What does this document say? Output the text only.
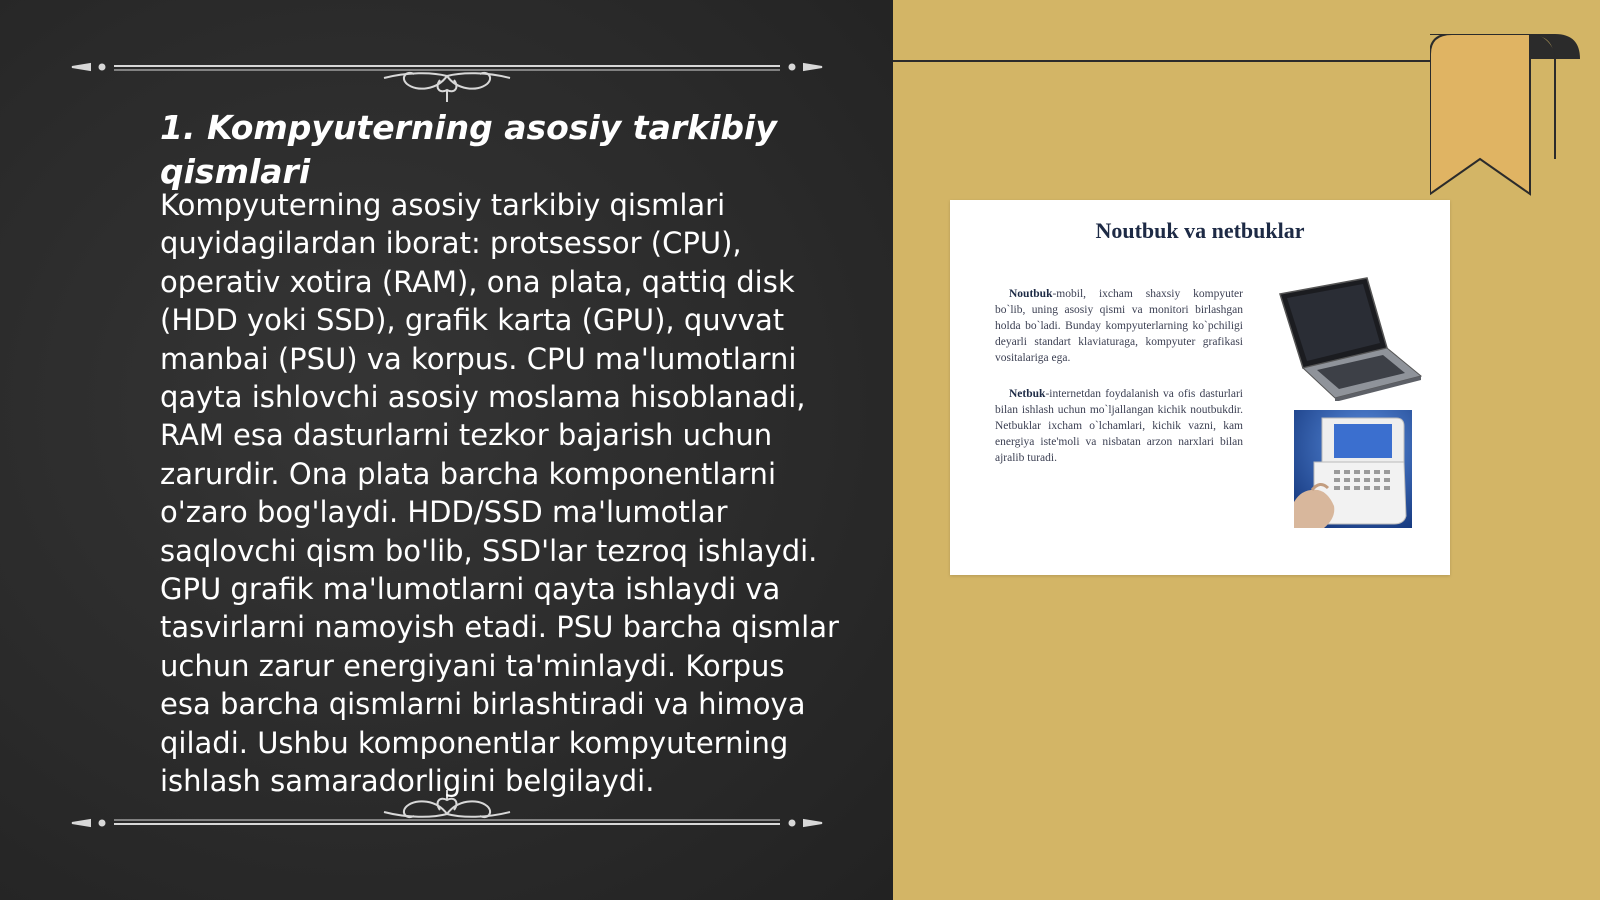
1. Kompyuterning asosiy tarkibiy qismlari

Kompyuterning asosiy tarkibiy qismlari quyidagilardan iborat: protsessor (CPU), operativ xotira (RAM), ona plata, qattiq disk (HDD yoki SSD), grafik karta (GPU), quvvat manbai (PSU) va korpus. CPU ma'lumotlarni qayta ishlovchi asosiy moslama hisoblanadi, RAM esa dasturlarni tezkor bajarish uchun zarurdir. Ona plata barcha komponentlarni o'zaro bog'laydi. HDD/SSD ma'lumotlar saqlovchi qism bo'lib, SSD'lar tezroq ishlaydi. GPU grafik ma'lumotlarni qayta ishlaydi va tasvirlarni namoyish etadi. PSU barcha qismlar uchun zarur energiyani ta'minlaydi. Korpus esa barcha qismlarni birlashtiradi va himoya qiladi. Ushbu komponentlar kompyuterning ishlash samaradorligini belgilaydi.

Noutbuk va netbuklar

Noutbuk-mobil, ixcham shaxsiy kompyuter bo`lib, uning asosiy qismi va monitori birlashgan holda bo`ladi. Bunday kompyuterlarning ko`pchiligi deyarli standart klaviaturaga, kompyuter grafikasi vositalariga ega.

Netbuk-internetdan foydalanish va ofis dasturlari bilan ishlash uchun mo`ljallangan kichik noutbukdir. Netbuklar ixcham o`lchamlari, kichik vazni, kam energiya iste'moli va nisbatan arzon narxlari bilan ajralib turadi.
